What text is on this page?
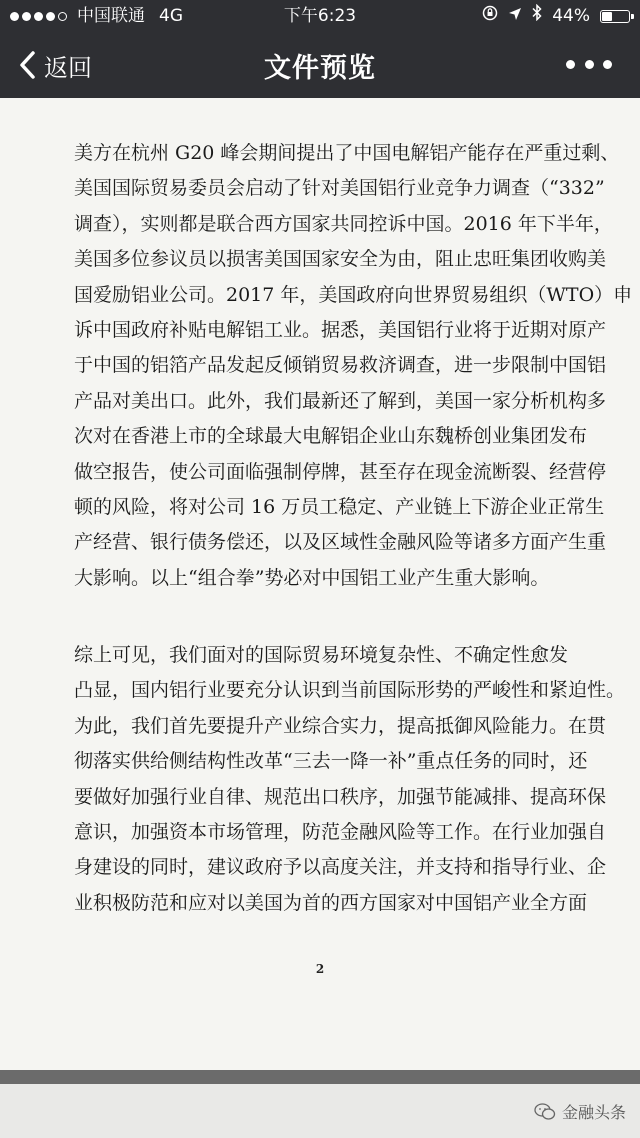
中国联通 4G	下午6:23	44%
返回	文件预览
美方在杭州 G20 峰会期间提出了中国电解铝产能存在严重过剩、
美国国际贸易委员会启动了针对美国铝行业竞争力调查（“332”
调查），实则都是联合西方国家共同控诉中国。2016 年下半年，
美国多位参议员以损害美国国家安全为由，阻止忠旺集团收购美
国爱励铝业公司。2017 年，美国政府向世界贸易组织（WTO）申
诉中国政府补贴电解铝工业。据悉，美国铝行业将于近期对原产
于中国的铝箔产品发起反倾销贸易救济调查，进一步限制中国铝
产品对美出口。此外，我们最新还了解到，美国一家分析机构多
次对在香港上市的全球最大电解铝企业山东魏桥创业集团发布
做空报告，使公司面临强制停牌，甚至存在现金流断裂、经营停
顿的风险，将对公司 16 万员工稳定、产业链上下游企业正常生
产经营、银行债务偿还，以及区域性金融风险等诸多方面产生重
大影响。以上“组合拳”势必对中国铝工业产生重大影响。
综上可见，我们面对的国际贸易环境复杂性、不确定性愈发
凸显，国内铝行业要充分认识到当前国际形势的严峻性和紧迫性。
为此，我们首先要提升产业综合实力，提高抵御风险能力。在贯
彻落实供给侧结构性改革“三去一降一补”重点任务的同时，还
要做好加强行业自律、规范出口秩序，加强节能减排、提高环保
意识，加强资本市场管理，防范金融风险等工作。在行业加强自
身建设的同时，建议政府予以高度关注，并支持和指导行业、企
业积极防范和应对以美国为首的西方国家对中国铝产业全方面
2
金融头条
